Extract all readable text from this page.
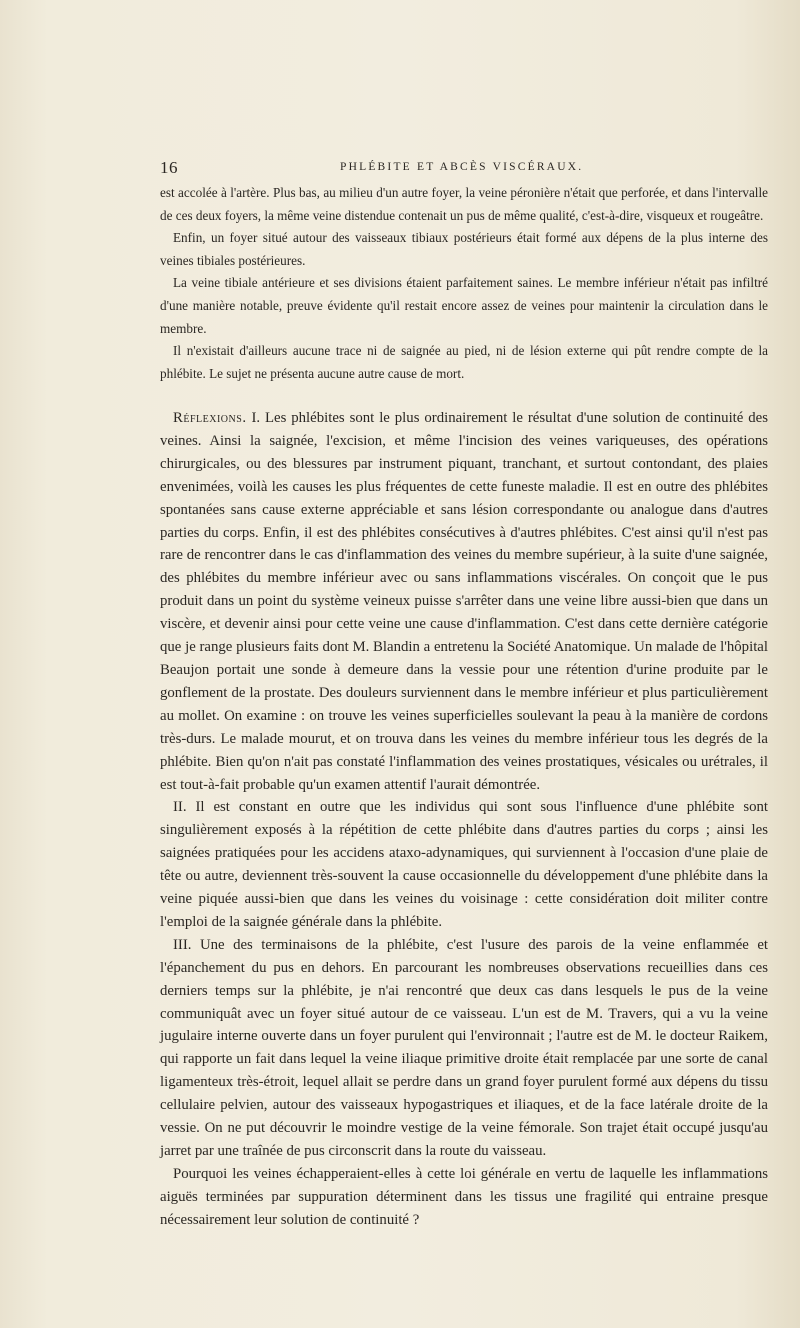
16	PHLÉBITE ET ABCÈS VISCÉRAUX.

est accolée à l'artère. Plus bas, au milieu d'un autre foyer, la veine péronière n'était que perforée, et dans l'intervalle de ces deux foyers, la même veine distendue contenait un pus de même qualité, c'est-à-dire, visqueux et rougeâtre.

Enfin, un foyer situé autour des vaisseaux tibiaux postérieurs était formé aux dépens de la plus interne des veines tibiales postérieures.

La veine tibiale antérieure et ses divisions étaient parfaitement saines. Le membre inférieur n'était pas infiltré d'une manière notable, preuve évidente qu'il restait encore assez de veines pour maintenir la circulation dans le membre.

Il n'existait d'ailleurs aucune trace ni de saignée au pied, ni de lésion externe qui pût rendre compte de la phlébite. Le sujet ne présenta aucune autre cause de mort.

Réflexions. I. Les phlébites sont le plus ordinairement le résultat d'une solution de continuité des veines. Ainsi la saignée, l'excision, et même l'incision des veines variqueuses, des opérations chirurgicales, ou des blessures par instrument piquant, tranchant, et surtout contondant, des plaies envenimées, voilà les causes les plus fréquentes de cette funeste maladie. Il est en outre des phlébites spontanées sans cause externe appréciable et sans lésion correspondante ou analogue dans d'autres parties du corps. Enfin, il est des phlébites consécutives à d'autres phlébites. C'est ainsi qu'il n'est pas rare de rencontrer dans le cas d'inflammation des veines du membre supérieur, à la suite d'une saignée, des phlébites du membre inférieur avec ou sans inflammations viscérales. On conçoit que le pus produit dans un point du système veineux puisse s'arrêter dans une veine libre aussi-bien que dans un viscère, et devenir ainsi pour cette veine une cause d'inflammation. C'est dans cette dernière catégorie que je range plusieurs faits dont M. Blandin a entretenu la Société Anatomique. Un malade de l'hôpital Beaujon portait une sonde à demeure dans la vessie pour une rétention d'urine produite par le gonflement de la prostate. Des douleurs surviennent dans le membre inférieur et plus particulièrement au mollet. On examine : on trouve les veines superficielles soulevant la peau à la manière de cordons très-durs. Le malade mourut, et on trouva dans les veines du membre inférieur tous les degrés de la phlébite. Bien qu'on n'ait pas constaté l'inflammation des veines prostatiques, vésicales ou urétrales, il est tout-à-fait probable qu'un examen attentif l'aurait démontrée.

II. Il est constant en outre que les individus qui sont sous l'influence d'une phlébite sont singulièrement exposés à la répétition de cette phlébite dans d'autres parties du corps ; ainsi les saignées pratiquées pour les accidens ataxo-adynamiques, qui surviennent à l'occasion d'une plaie de tête ou autre, deviennent très-souvent la cause occasionnelle du développement d'une phlébite dans la veine piquée aussi-bien que dans les veines du voisinage : cette considération doit militer contre l'emploi de la saignée générale dans la phlébite.

III. Une des terminaisons de la phlébite, c'est l'usure des parois de la veine enflammée et l'épanchement du pus en dehors. En parcourant les nombreuses observations recueillies dans ces derniers temps sur la phlébite, je n'ai rencontré que deux cas dans lesquels le pus de la veine communiquât avec un foyer situé autour de ce vaisseau. L'un est de M. Travers, qui a vu la veine jugulaire interne ouverte dans un foyer purulent qui l'environnait ; l'autre est de M. le docteur Raikem, qui rapporte un fait dans lequel la veine iliaque primitive droite était remplacée par une sorte de canal ligamenteux très-étroit, lequel allait se perdre dans un grand foyer purulent formé aux dépens du tissu cellulaire pelvien, autour des vaisseaux hypogastriques et iliaques, et de la face latérale droite de la vessie. On ne put découvrir le moindre vestige de la veine fémorale. Son trajet était occupé jusqu'au jarret par une traînée de pus circonscrit dans la route du vaisseau.

Pourquoi les veines échapperaient-elles à cette loi générale en vertu de laquelle les inflammations aiguës terminées par suppuration déterminent dans les tissus une fragilité qui entraine presque nécessairement leur solution de continuité ?
